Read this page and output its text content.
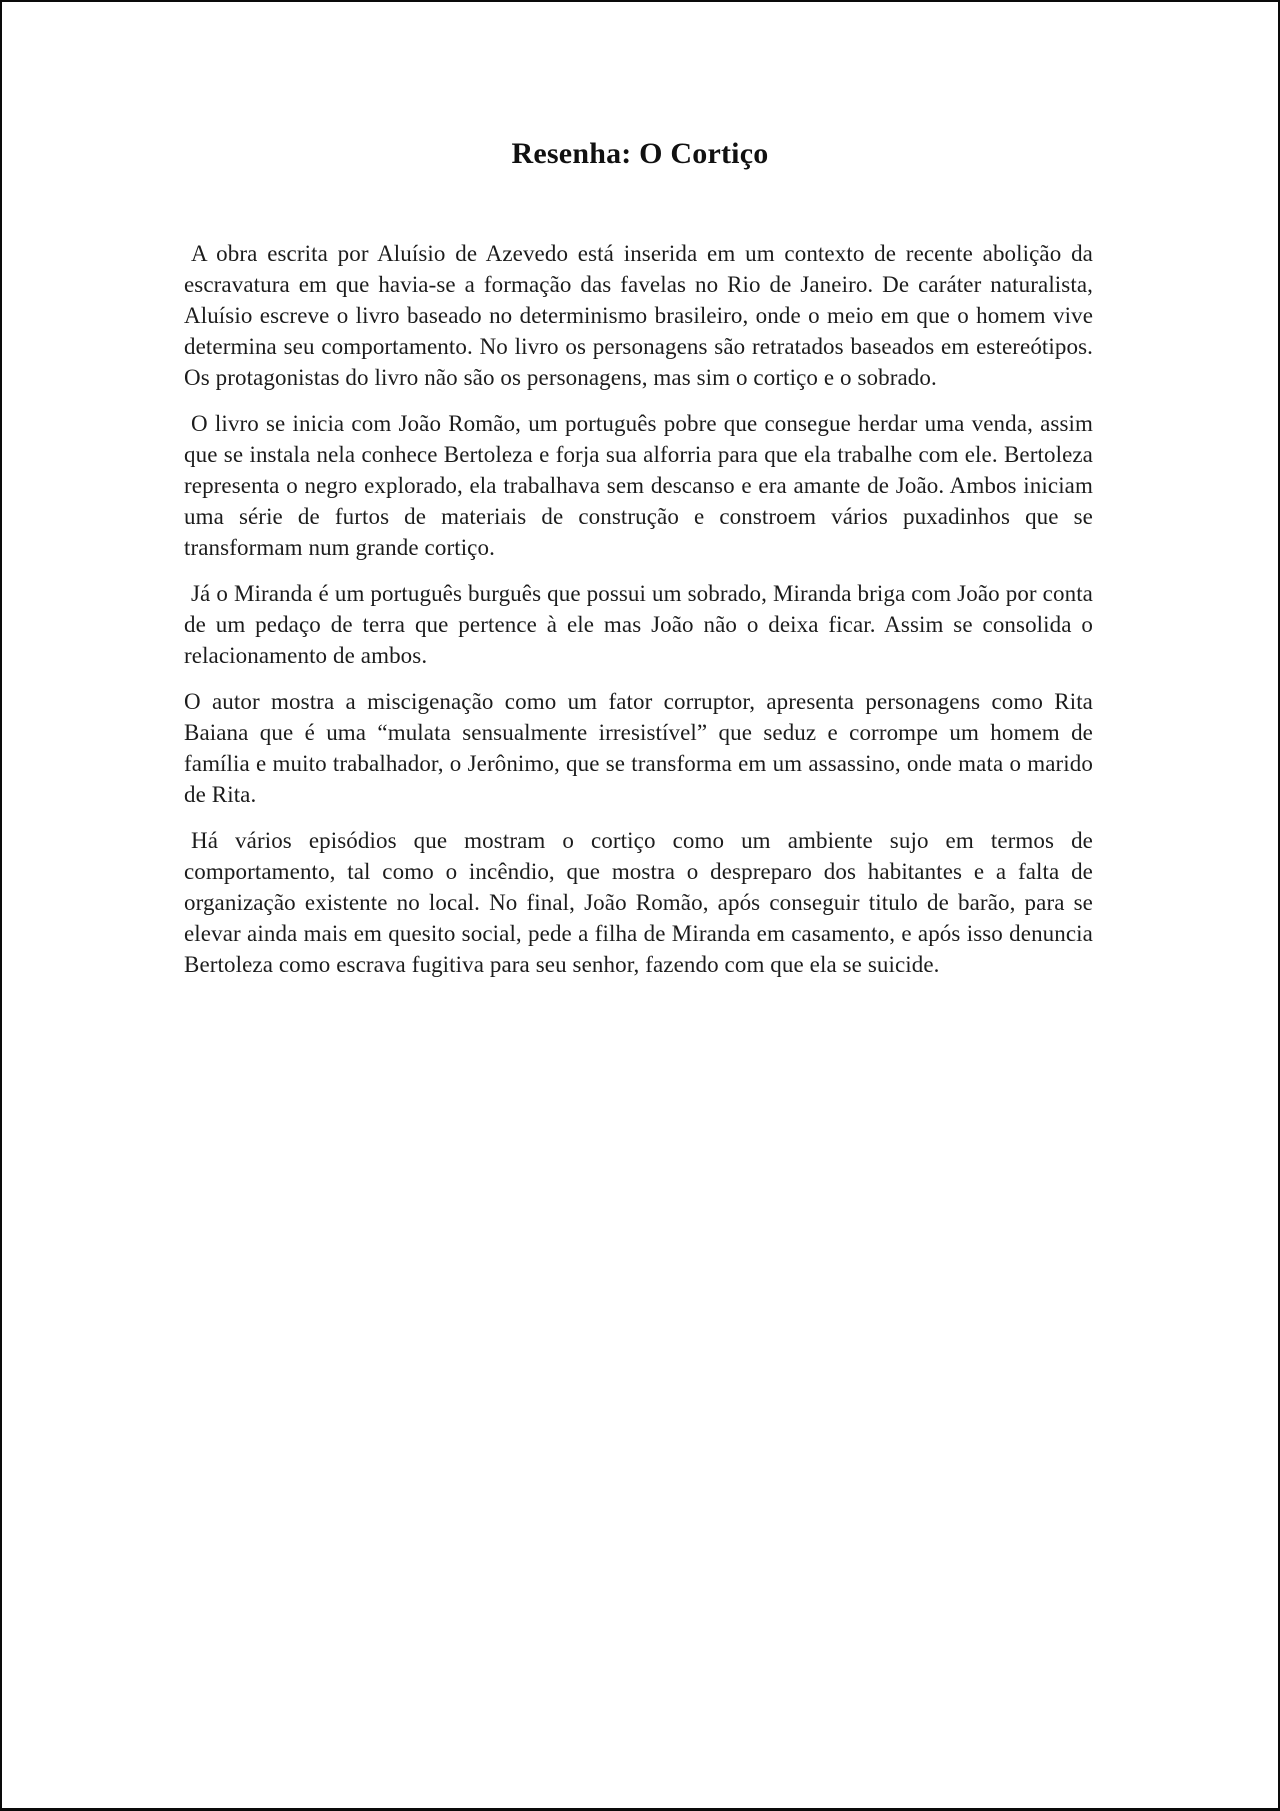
Resenha: O Cortiço

A obra escrita por Aluísio de Azevedo está inserida em um contexto de recente abolição da escravatura em que havia-se a formação das favelas no Rio de Janeiro. De caráter naturalista, Aluísio escreve o livro baseado no determinismo brasileiro, onde o meio em que o homem vive determina seu comportamento. No livro os personagens são retratados baseados em estereótipos. Os protagonistas do livro não são os personagens, mas sim o cortiço e o sobrado.

O livro se inicia com João Romão, um português pobre que consegue herdar uma venda, assim que se instala nela conhece Bertoleza e forja sua alforria para que ela trabalhe com ele. Bertoleza representa o negro explorado, ela trabalhava sem descanso e era amante de João. Ambos iniciam uma série de furtos de materiais de construção e constroem vários puxadinhos que se transformam num grande cortiço.

Já o Miranda é um português burguês que possui um sobrado, Miranda briga com João por conta de um pedaço de terra que pertence à ele mas João não o deixa ficar. Assim se consolida o relacionamento de ambos.

O autor mostra a miscigenação como um fator corruptor, apresenta personagens como Rita Baiana que é uma “mulata sensualmente irresistível” que seduz e corrompe um homem de família e muito trabalhador, o Jerônimo, que se transforma em um assassino, onde mata o marido de Rita.

Há vários episódios que mostram o cortiço como um ambiente sujo em termos de comportamento, tal como o incêndio, que mostra o despreparo dos habitantes e a falta de organização existente no local. No final, João Romão, após conseguir titulo de barão, para se elevar ainda mais em quesito social, pede a filha de Miranda em casamento, e após isso denuncia Bertoleza como escrava fugitiva para seu senhor, fazendo com que ela se suicide.
